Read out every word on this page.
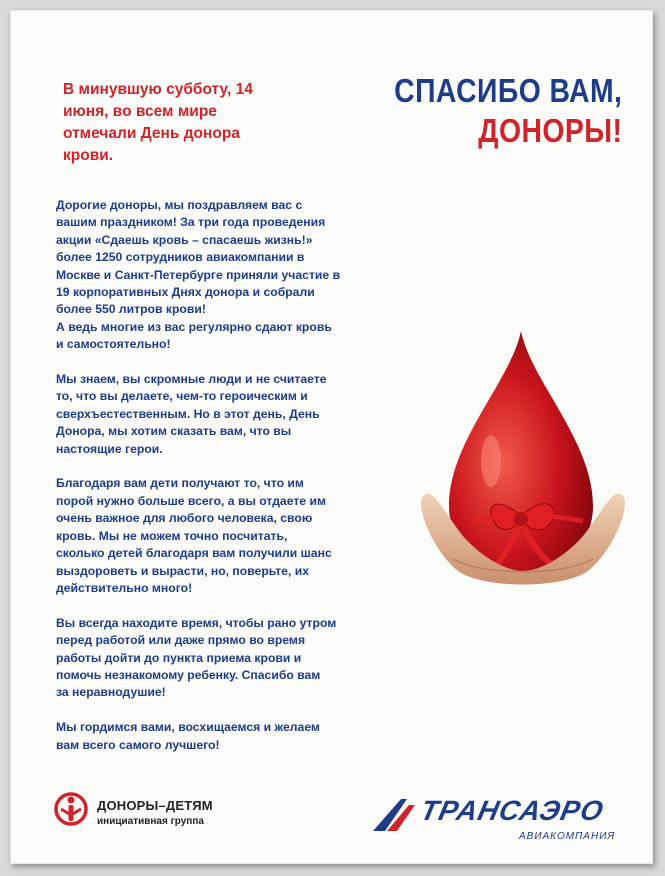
В минувшую субботу, 14
июня, во всем мире
отмечали День донора
крови.
СПАСИБО ВАМ,
ДОНОРЫ!

Дорогие доноры, мы поздравляем вас с
вашим праздником! За три года проведения
акции «Сдаешь кровь – спасаешь жизнь!»
более 1250 сотрудников авиакомпании в
Москве и Санкт-Петербурге приняли участие в
19 корпоративных Днях донора и собрали
более 550 литров крови!
А ведь многие из вас регулярно сдают кровь
и самостоятельно!

Мы знаем, вы скромные люди и не считаете
то, что вы делаете, чем-то героическим и
сверхъестественным. Но в этот день, День
Донора, мы хотим сказать вам, что вы
настоящие герои.

Благодаря вам дети получают то, что им
порой нужно больше всего, а вы отдаете им
очень важное для любого человека, свою
кровь. Мы не можем точно посчитать,
сколько детей благодаря вам получили шанс
выздороветь и вырасти, но, поверьте, их
действительно много!

Вы всегда находите время, чтобы рано утром
перед работой или даже прямо во время
работы дойти до пункта приема крови и
помочь незнакомому ребенку. Спасибо вам
за неравнодушие!

Мы гордимся вами, восхищаемся и желаем
вам всего самого лучшего!

ДОНОРЫ–ДЕТЯМ
инициативная группа	ТРАНСАЭРО
АВИАКОМПАНИЯ
